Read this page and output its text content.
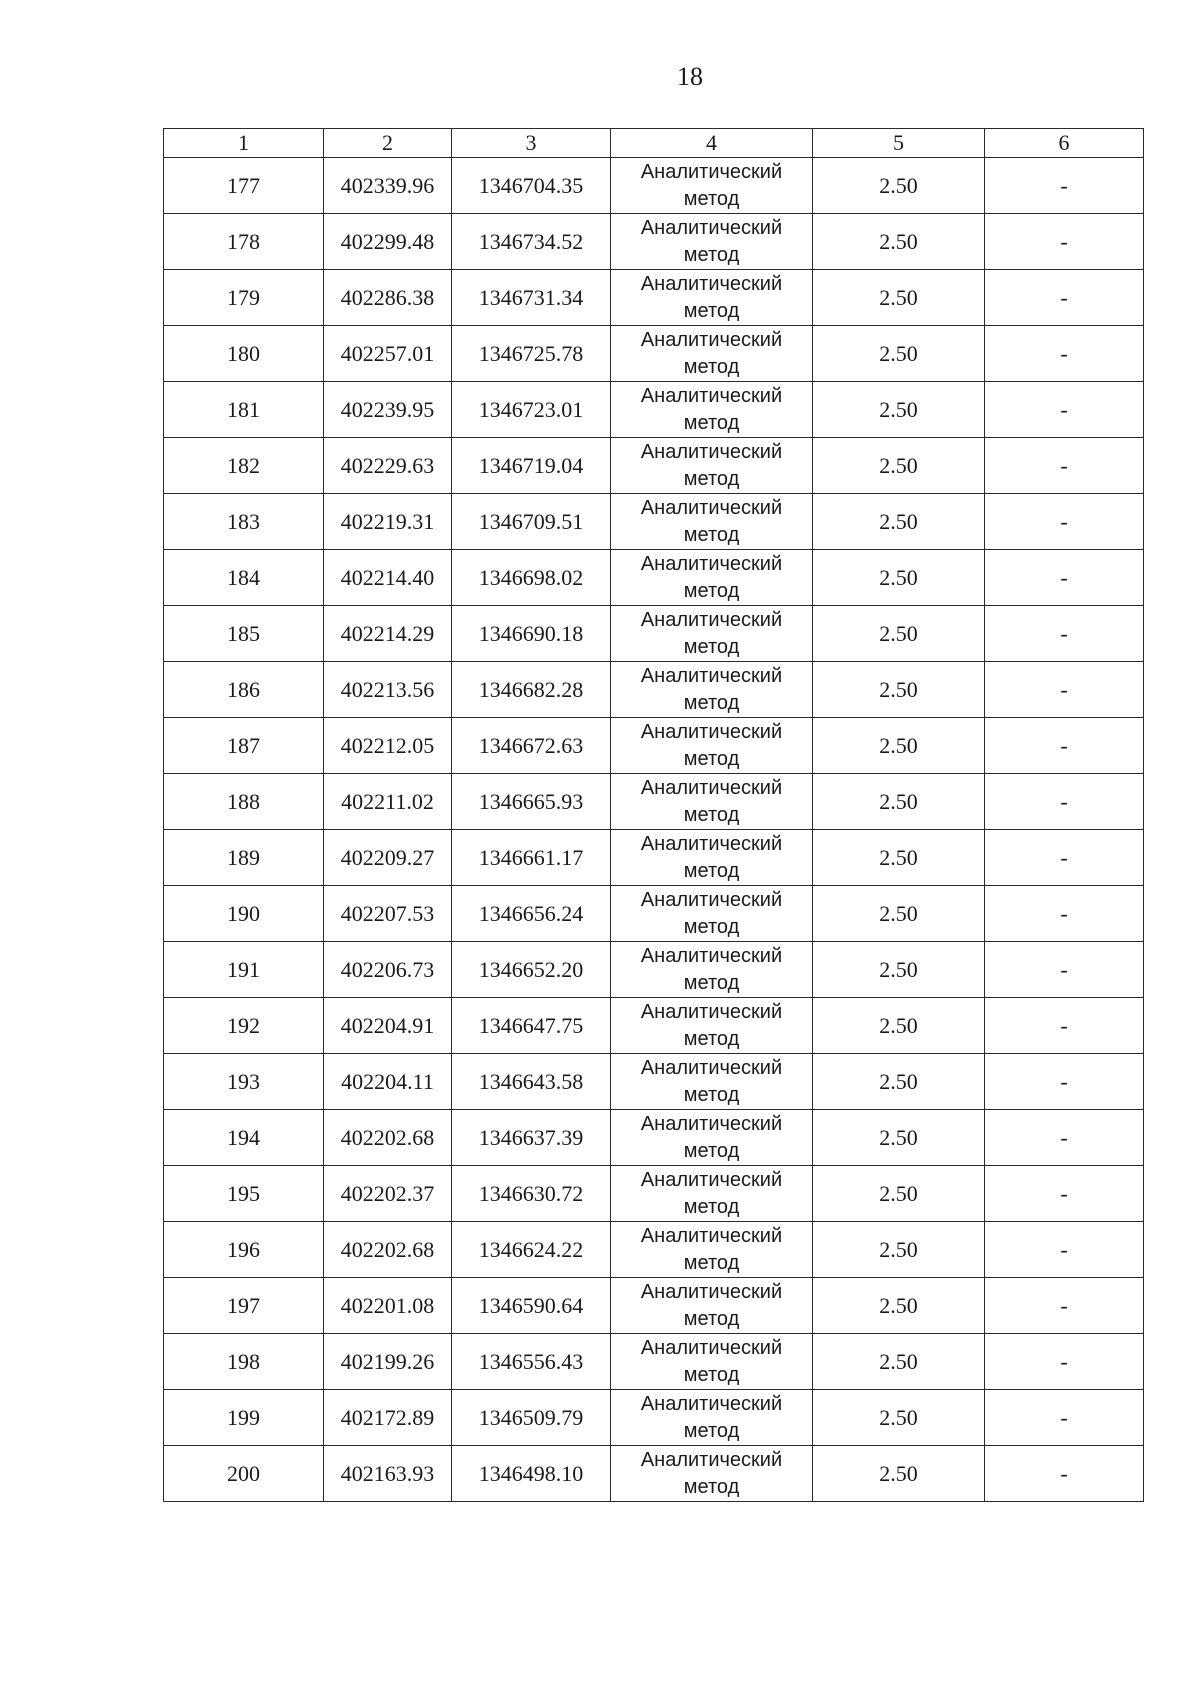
18
1	2	3	4	5	6
177	402339.96	1346704.35	Аналитический метод	2.50	-
178	402299.48	1346734.52	Аналитический метод	2.50	-
179	402286.38	1346731.34	Аналитический метод	2.50	-
180	402257.01	1346725.78	Аналитический метод	2.50	-
181	402239.95	1346723.01	Аналитический метод	2.50	-
182	402229.63	1346719.04	Аналитический метод	2.50	-
183	402219.31	1346709.51	Аналитический метод	2.50	-
184	402214.40	1346698.02	Аналитический метод	2.50	-
185	402214.29	1346690.18	Аналитический метод	2.50	-
186	402213.56	1346682.28	Аналитический метод	2.50	-
187	402212.05	1346672.63	Аналитический метод	2.50	-
188	402211.02	1346665.93	Аналитический метод	2.50	-
189	402209.27	1346661.17	Аналитический метод	2.50	-
190	402207.53	1346656.24	Аналитический метод	2.50	-
191	402206.73	1346652.20	Аналитический метод	2.50	-
192	402204.91	1346647.75	Аналитический метод	2.50	-
193	402204.11	1346643.58	Аналитический метод	2.50	-
194	402202.68	1346637.39	Аналитический метод	2.50	-
195	402202.37	1346630.72	Аналитический метод	2.50	-
196	402202.68	1346624.22	Аналитический метод	2.50	-
197	402201.08	1346590.64	Аналитический метод	2.50	-
198	402199.26	1346556.43	Аналитический метод	2.50	-
199	402172.89	1346509.79	Аналитический метод	2.50	-
200	402163.93	1346498.10	Аналитический метод	2.50	-
